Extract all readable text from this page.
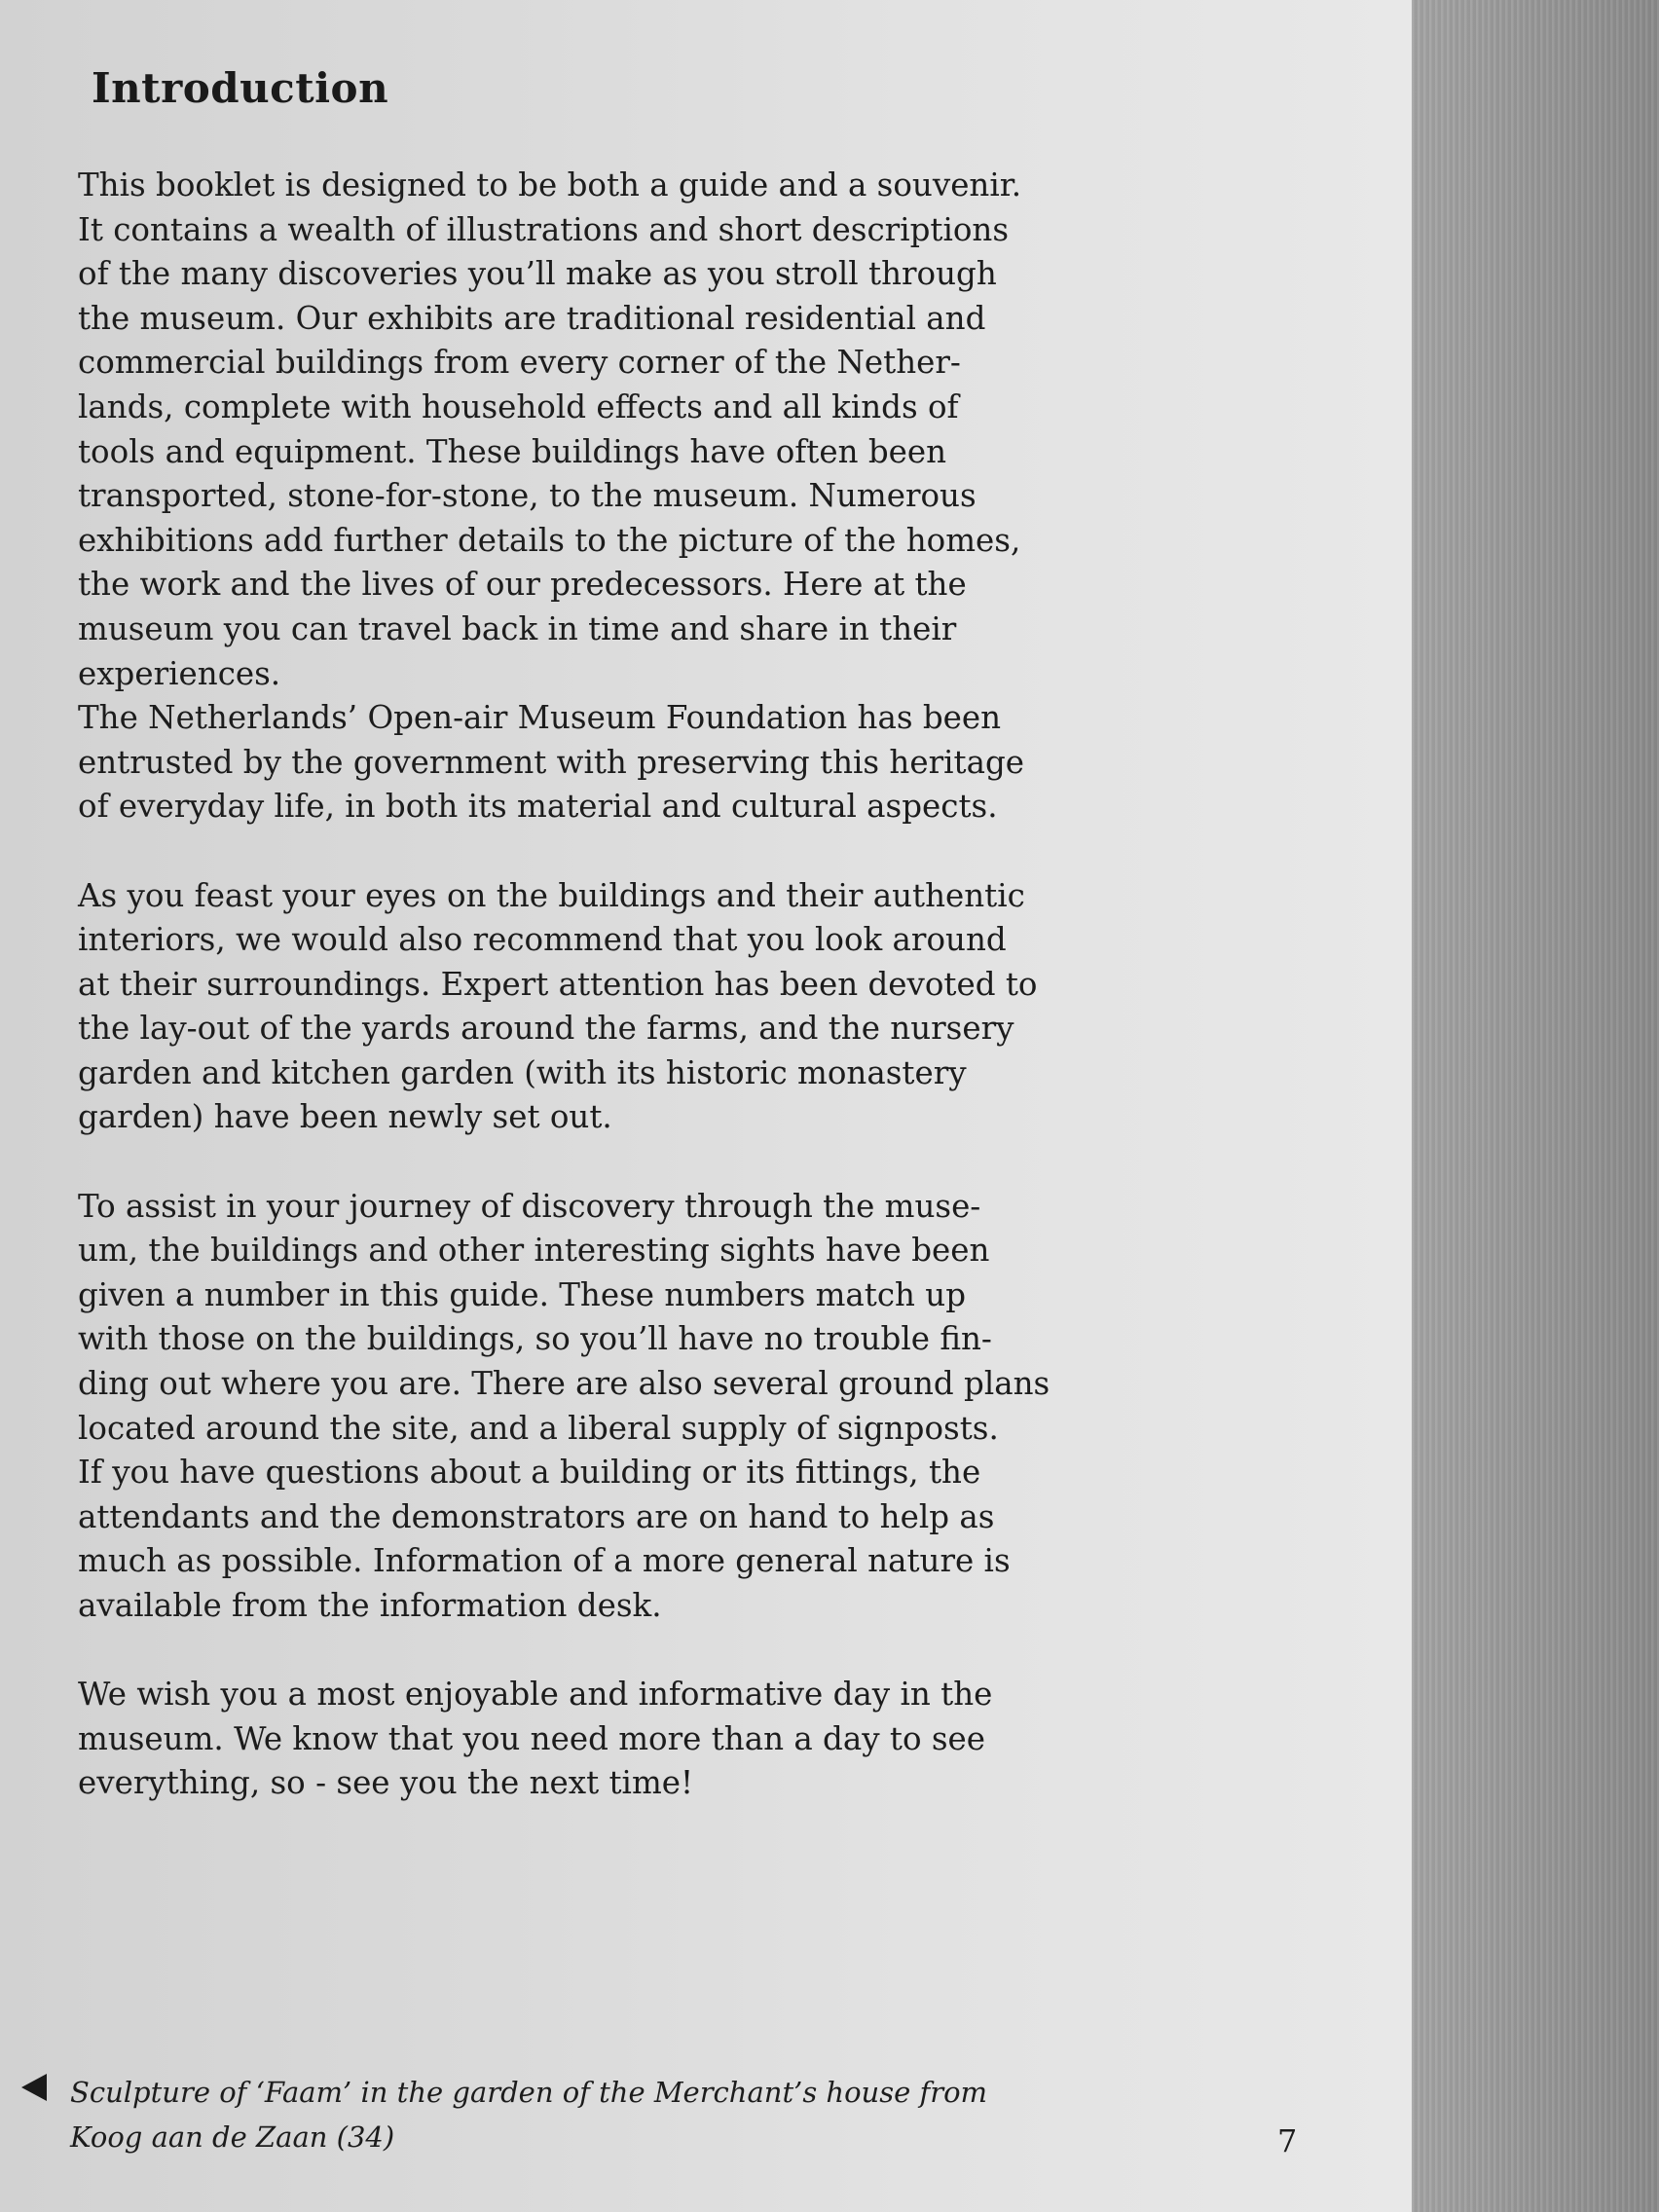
Introduction
This booklet is designed to be both a guide and a souvenir.
It contains a wealth of illustrations and short descriptions
of the many discoveries you’ll make as you stroll through
the museum. Our exhibits are traditional residential and
commercial buildings from every corner of the Nether-
lands, complete with household effects and all kinds of
tools and equipment. These buildings have often been
transported, stone-for-stone, to the museum. Numerous
exhibitions add further details to the picture of the homes,
the work and the lives of our predecessors. Here at the
museum you can travel back in time and share in their
experiences.
The Netherlands’ Open-air Museum Foundation has been
entrusted by the government with preserving this heritage
of everyday life, in both its material and cultural aspects.
As you feast your eyes on the buildings and their authentic
interiors, we would also recommend that you look around
at their surroundings. Expert attention has been devoted to
the lay-out of the yards around the farms, and the nursery
garden and kitchen garden (with its historic monastery
garden) have been newly set out.
To assist in your journey of discovery through the muse-
um, the buildings and other interesting sights have been
given a number in this guide. These numbers match up
with those on the buildings, so you’ll have no trouble fin-
ding out where you are. There are also several ground plans
located around the site, and a liberal supply of signposts.
If you have questions about a building or its fittings, the
attendants and the demonstrators are on hand to help as
much as possible. Information of a more general nature is
available from the information desk.
We wish you a most enjoyable and informative day in the
museum. We know that you need more than a day to see
everything, so - see you the next time!
Sculpture of ‘Faam’ in the garden of the Merchant’s house from
Koog aan de Zaan (34)	7
